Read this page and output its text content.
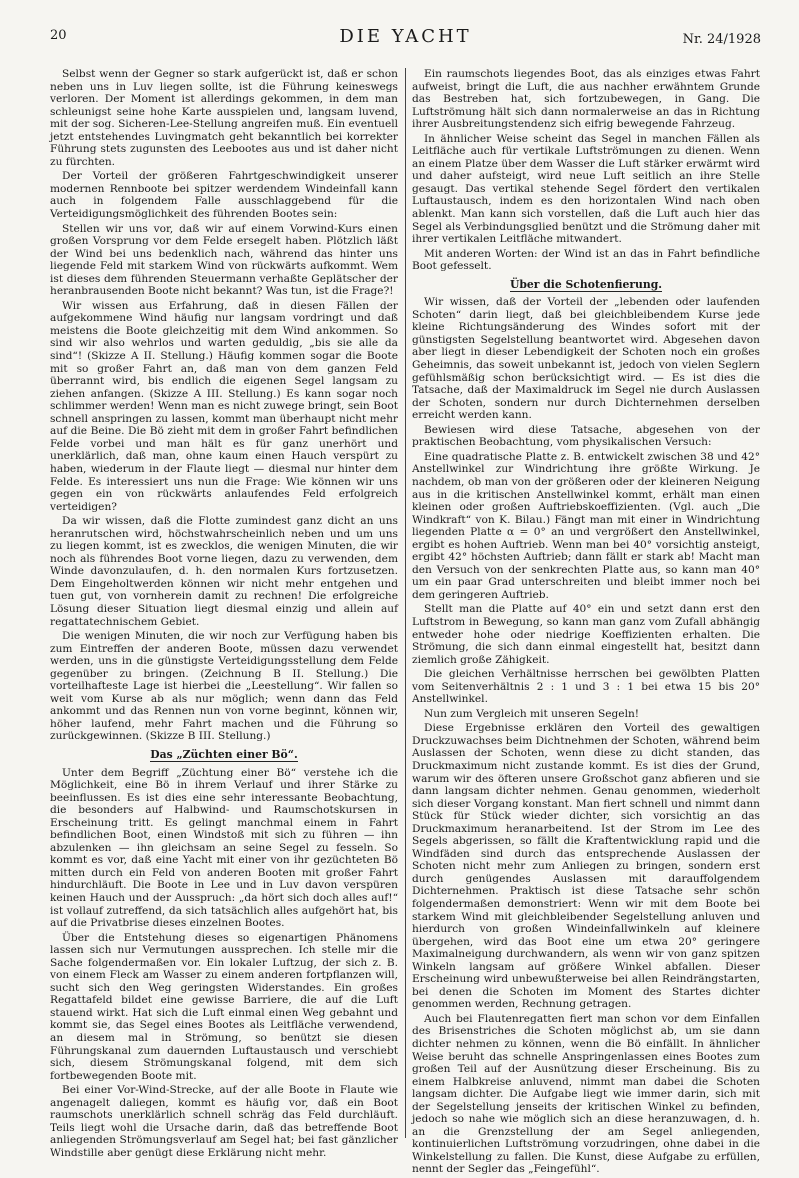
20	DIE YACHT	Nr. 24/1928

Selbst wenn der Gegner so stark aufgerückt ist, daß er schon neben uns in Luv liegen sollte, ist die Führung keineswegs verloren. Der Moment ist allerdings gekommen, in dem man schleunigst seine hohe Karte ausspielen und, langsam luvend, mit der sog. Sicheren-Lee-Stellung angreifen muß. Ein eventuell jetzt entstehendes Luvingmatch geht bekanntlich bei korrekter Führung stets zugunsten des Leebootes aus und ist daher nicht zu fürchten.

Der Vorteil der größeren Fahrtgeschwindigkeit unserer modernen Rennboote bei spitzer werdendem Windeinfall kann auch in folgendem Falle ausschlaggebend für die Verteidigungsmöglichkeit des führenden Bootes sein:

Stellen wir uns vor, daß wir auf einem Vorwind-Kurs einen großen Vorsprung vor dem Felde ersegelt haben. Plötzlich läßt der Wind bei uns bedenklich nach, während das hinter uns liegende Feld mit starkem Wind von rückwärts aufkommt. Wem ist dieses dem führenden Steuermann verhaßte Geplätscher der heranbrausenden Boote nicht bekannt? Was tun, ist die Frage?!

Wir wissen aus Erfahrung, daß in diesen Fällen der aufgekommene Wind häufig nur langsam vordringt und daß meistens die Boote gleichzeitig mit dem Wind ankommen. So sind wir also wehrlos und warten geduldig, „bis sie alle da sind“! (Skizze A II. Stellung.) Häufig kommen sogar die Boote mit so großer Fahrt an, daß man von dem ganzen Feld überrannt wird, bis endlich die eigenen Segel langsam zu ziehen anfangen. (Skizze A III. Stellung.) Es kann sogar noch schlimmer werden! Wenn man es nicht zuwege bringt, sein Boot schnell anspringen zu lassen, kommt man überhaupt nicht mehr auf die Beine. Die Bö zieht mit dem in großer Fahrt befindlichen Felde vorbei und man hält es für ganz unerhört und unerklärlich, daß man, ohne kaum einen Hauch verspürt zu haben, wiederum in der Flaute liegt — diesmal nur hinter dem Felde. Es interessiert uns nun die Frage: Wie können wir uns gegen ein von rückwärts anlaufendes Feld erfolgreich verteidigen?

Da wir wissen, daß die Flotte zumindest ganz dicht an uns heranrutschen wird, höchstwahrscheinlich neben und um uns zu liegen kommt, ist es zwecklos, die wenigen Minuten, die wir noch als führendes Boot vorne liegen, dazu zu verwenden, dem Winde davonzulaufen, d. h. den normalen Kurs fortzusetzen. Dem Eingeholtwerden können wir nicht mehr entgehen und tuen gut, von vornherein damit zu rechnen! Die erfolgreiche Lösung dieser Situation liegt diesmal einzig und allein auf regattatechnischem Gebiet.

Die wenigen Minuten, die wir noch zur Verfügung haben bis zum Eintreffen der anderen Boote, müssen dazu verwendet werden, uns in die günstigste Verteidigungsstellung dem Felde gegenüber zu bringen. (Zeichnung B II. Stellung.) Die vorteilhafteste Lage ist hierbei die „Leestellung“. Wir fallen so weit vom Kurse ab als nur möglich; wenn dann das Feld ankommt und das Rennen nun von vorne beginnt, können wir, höher laufend, mehr Fahrt machen und die Führung so zurückgewinnen. (Skizze B III. Stellung.)

Das „Züchten einer Bö“.

Unter dem Begriff „Züchtung einer Bö“ verstehe ich die Möglichkeit, eine Bö in ihrem Verlauf und ihrer Stärke zu beeinflussen. Es ist dies eine sehr interessante Beobachtung, die besonders auf Halbwind- und Raumschotskursen in Erscheinung tritt. Es gelingt manchmal einem in Fahrt befindlichen Boot, einen Windstoß mit sich zu führen — ihn abzulenken — ihn gleichsam an seine Segel zu fesseln. So kommt es vor, daß eine Yacht mit einer von ihr gezüchteten Bö mitten durch ein Feld von anderen Booten mit großer Fahrt hindurchläuft. Die Boote in Lee und in Luv davon verspüren keinen Hauch und der Ausspruch: „da hört sich doch alles auf!“ ist vollauf zutreffend, da sich tatsächlich alles aufgehört hat, bis auf die Privatbrise dieses einzelnen Bootes.

Über die Entstehung dieses so eigenartigen Phänomens lassen sich nur Vermutungen aussprechen. Ich stelle mir die Sache folgendermaßen vor. Ein lokaler Luftzug, der sich z. B. von einem Fleck am Wasser zu einem anderen fortpflanzen will, sucht sich den Weg geringsten Widerstandes. Ein großes Regattafeld bildet eine gewisse Barriere, die auf die Luft stauend wirkt. Hat sich die Luft einmal einen Weg gebahnt und kommt sie, das Segel eines Bootes als Leitfläche verwendend, an diesem mal in Strömung, so benützt sie diesen Führungskanal zum dauernden Luftaustausch und verschiebt sich, diesem Strömungskanal folgend, mit dem sich fortbewegenden Boote mit.

Bei einer Vor-Wind-Strecke, auf der alle Boote in Flaute wie angenagelt daliegen, kommt es häufig vor, daß ein Boot raumschots unerklärlich schnell schräg das Feld durchläuft. Teils liegt wohl die Ursache darin, daß das betreffende Boot anliegenden Strömungsverlauf am Segel hat; bei fast gänzlicher Windstille aber genügt diese Erklärung nicht mehr.

Ein raumschots liegendes Boot, das als einziges etwas Fahrt aufweist, bringt die Luft, die aus nachher erwähntem Grunde das Bestreben hat, sich fortzubewegen, in Gang. Die Luftströmung hält sich dann normalerweise an das in Richtung ihrer Ausbreitungstendenz sich eifrig bewegende Fahrzeug.

In ähnlicher Weise scheint das Segel in manchen Fällen als Leitfläche auch für vertikale Luftströmungen zu dienen. Wenn an einem Platze über dem Wasser die Luft stärker erwärmt wird und daher aufsteigt, wird neue Luft seitlich an ihre Stelle gesaugt. Das vertikal stehende Segel fördert den vertikalen Luftaustausch, indem es den horizontalen Wind nach oben ablenkt. Man kann sich vorstellen, daß die Luft auch hier das Segel als Verbindungsglied benützt und die Strömung daher mit ihrer vertikalen Leitfläche mitwandert.

Mit anderen Worten: der Wind ist an das in Fahrt befindliche Boot gefesselt.

Über die Schotenfierung.

Wir wissen, daß der Vorteil der „lebenden oder laufenden Schoten“ darin liegt, daß bei gleichbleibendem Kurse jede kleine Richtungsänderung des Windes sofort mit der günstigsten Segelstellung beantwortet wird. Abgesehen davon aber liegt in dieser Lebendigkeit der Schoten noch ein großes Geheimnis, das soweit unbekannt ist, jedoch von vielen Seglern gefühlsmäßig schon berücksichtigt wird. — Es ist dies die Tatsache, daß der Maximaldruck im Segel nie durch Auslassen der Schoten, sondern nur durch Dichternehmen derselben erreicht werden kann.

Bewiesen wird diese Tatsache, abgesehen von der praktischen Beobachtung, vom physikalischen Versuch:

Eine quadratische Platte z. B. entwickelt zwischen 38 und 42° Anstellwinkel zur Windrichtung ihre größte Wirkung. Je nachdem, ob man von der größeren oder der kleineren Neigung aus in die kritischen Anstellwinkel kommt, erhält man einen kleinen oder großen Auftriebskoeffizienten. (Vgl. auch „Die Windkraft“ von K. Bilau.) Fängt man mit einer in Windrichtung liegenden Platte α = 0° an und vergrößert den Anstellwinkel, ergibt es hohen Auftrieb. Wenn man bei 40° vorsichtig ansteigt, ergibt 42° höchsten Auftrieb; dann fällt er stark ab! Macht man den Versuch von der senkrechten Platte aus, so kann man 40° um ein paar Grad unterschreiten und bleibt immer noch bei dem geringeren Auftrieb.

Stellt man die Platte auf 40° ein und setzt dann erst den Luftstrom in Bewegung, so kann man ganz vom Zufall abhängig entweder hohe oder niedrige Koeffizienten erhalten. Die Strömung, die sich dann einmal eingestellt hat, besitzt dann ziemlich große Zähigkeit.

Die gleichen Verhältnisse herrschen bei gewölbten Platten vom Seitenverhältnis 2 : 1 und 3 : 1 bei etwa 15 bis 20° Anstellwinkel.

Nun zum Vergleich mit unseren Segeln!

Diese Ergebnisse erklären den Vorteil des gewaltigen Druckzuwachses beim Dichtnehmen der Schoten, während beim Auslassen der Schoten, wenn diese zu dicht standen, das Druckmaximum nicht zustande kommt. Es ist dies der Grund, warum wir des öfteren unsere Großschot ganz abfieren und sie dann langsam dichter nehmen. Genau genommen, wiederholt sich dieser Vorgang konstant. Man fiert schnell und nimmt dann Stück für Stück wieder dichter, sich vorsichtig an das Druckmaximum heranarbeitend. Ist der Strom im Lee des Segels abgerissen, so fällt die Kraftentwicklung rapid und die Windfäden sind durch das entsprechende Auslassen der Schoten nicht mehr zum Anliegen zu bringen, sondern erst durch genügendes Auslassen mit darauffolgendem Dichternehmen. Praktisch ist diese Tatsache sehr schön folgendermaßen demonstriert: Wenn wir mit dem Boote bei starkem Wind mit gleichbleibender Segelstellung anluven und hierdurch von großen Windeinfallwinkeln auf kleinere übergehen, wird das Boot eine um etwa 20° geringere Maximalneigung durchwandern, als wenn wir von ganz spitzen Winkeln langsam auf größere Winkel abfallen. Dieser Erscheinung wird unbewußterweise bei allen Reindrängstarten, bei denen die Schoten im Moment des Startes dichter genommen werden, Rechnung getragen.

Auch bei Flautenregatten fiert man schon vor dem Einfallen des Brisenstriches die Schoten möglichst ab, um sie dann dichter nehmen zu können, wenn die Bö einfällt. In ähnlicher Weise beruht das schnelle Anspringenlassen eines Bootes zum großen Teil auf der Ausnützung dieser Erscheinung. Bis zu einem Halbkreise anluvend, nimmt man dabei die Schoten langsam dichter. Die Aufgabe liegt wie immer darin, sich mit der Segelstellung jenseits der kritischen Winkel zu befinden, jedoch so nahe wie möglich sich an diese heranzuwagen, d. h. an die Grenzstellung der am Segel anliegenden, kontinuierlichen Luftströmung vorzudringen, ohne dabei in die Winkelstellung zu fallen. Die Kunst, diese Aufgabe zu erfüllen, nennt der Segler das „Feingefühl“.
